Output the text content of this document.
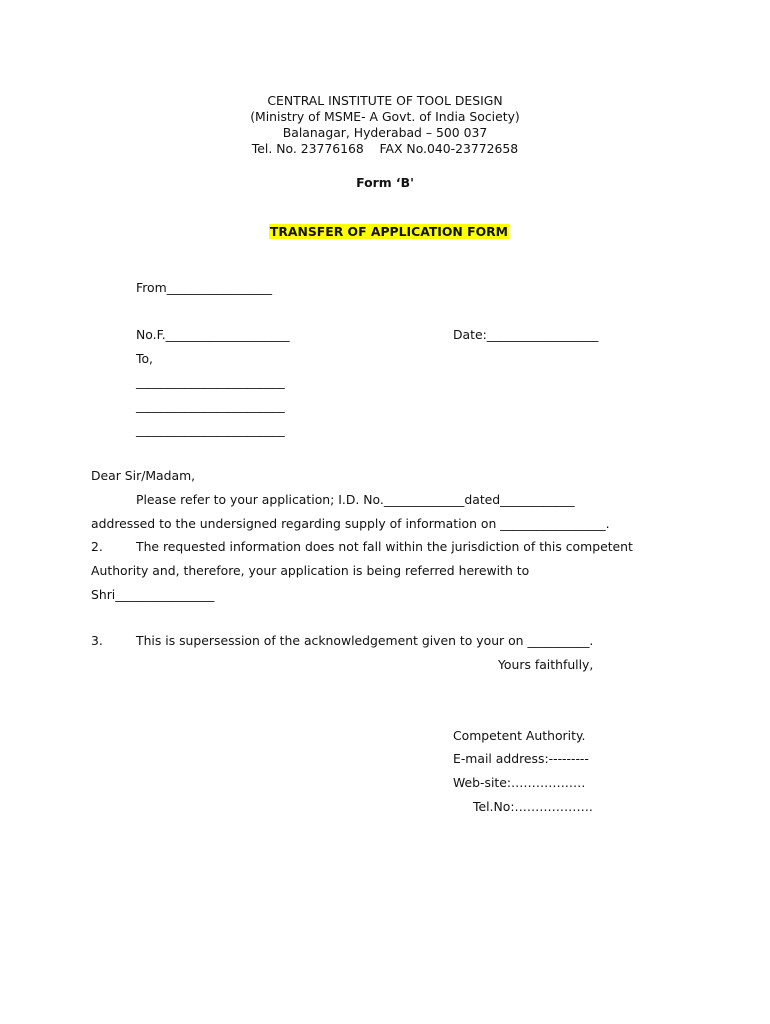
CENTRAL INSTITUTE OF TOOL DESIGN
(Ministry of MSME- A Govt. of India Society)
Balanagar, Hyderabad – 500 037
Tel. No. 23776168    FAX No.040-23772658
Form ‘B'

TRANSFER OF APPLICATION FORM

From_________________
No.F.____________________	Date:__________________
To,
________________________
________________________
________________________
Dear Sir/Madam,
Please refer to your application; I.D. No._____________dated____________
addressed to the undersigned regarding supply of information on _________________.
2.	The requested information does not fall within the jurisdiction of this competent
Authority and, therefore, your application is being referred herewith to
Shri________________
3.	This is supersession of the acknowledgement given to your on __________.
Yours faithfully,
Competent Authority.
E-mail address:---------
Web-site:………………
Tel.No:……………….
